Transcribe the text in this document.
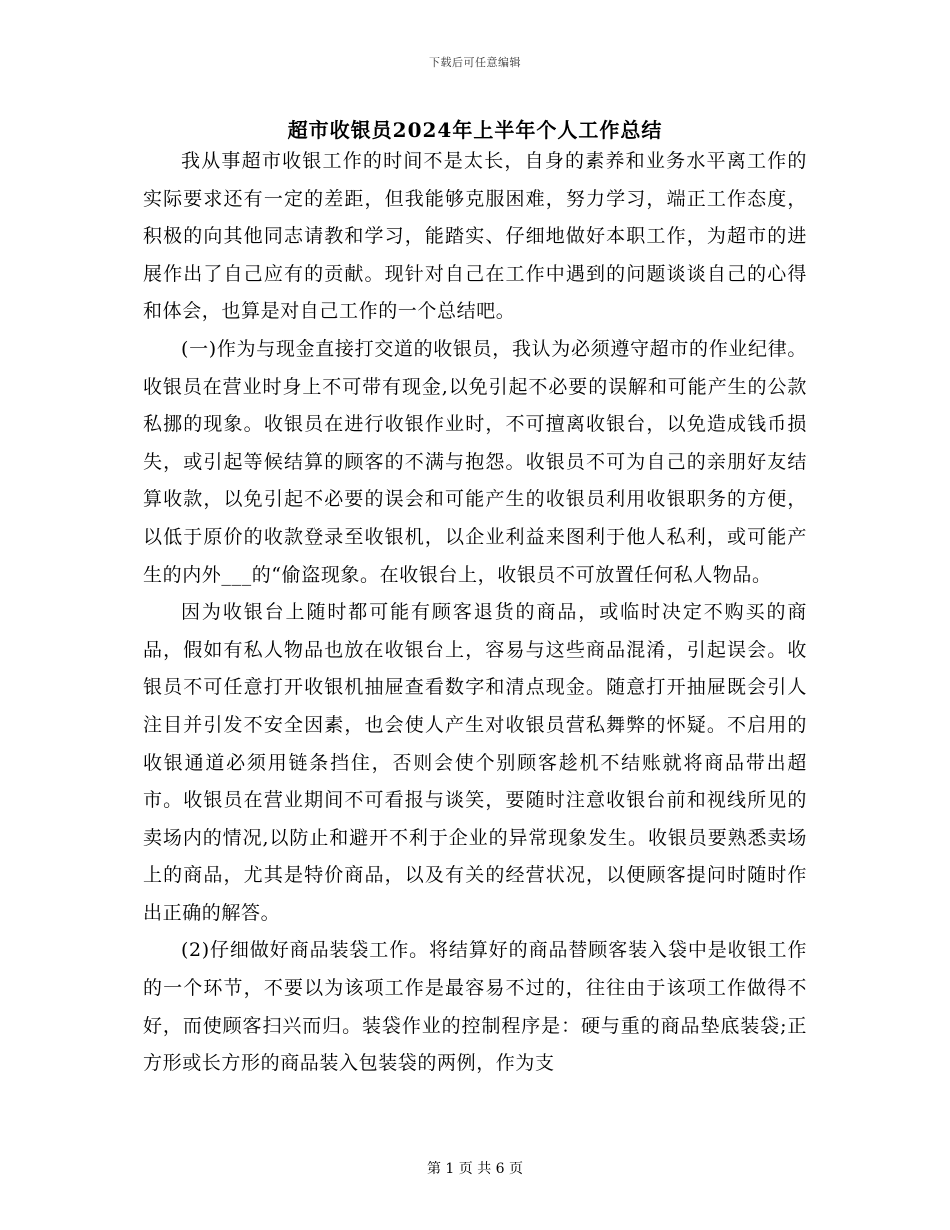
下载后可任意编辑
超市收银员2024年上半年个人工作总结

我从事超市收银工作的时间不是太长，自身的素养和业务水平离工作的实际要求还有一定的差距，但我能够克服困难，努力学习，端正工作态度，积极的向其他同志请教和学习，能踏实、仔细地做好本职工作，为超市的进展作出了自己应有的贡献。现针对自己在工作中遇到的问题谈谈自己的心得和体会，也算是对自己工作的一个总结吧。

(一)作为与现金直接打交道的收银员，我认为必须遵守超市的作业纪律。收银员在营业时身上不可带有现金,以免引起不必要的误解和可能产生的公款私挪的现象。收银员在进行收银作业时，不可擅离收银台，以免造成钱币损失，或引起等候结算的顾客的不满与抱怨。收银员不可为自己的亲朋好友结算收款，以免引起不必要的误会和可能产生的收银员利用收银职务的方便，以低于原价的收款登录至收银机，以企业利益来图利于他人私利，或可能产生的内外___的“偷盗现象。在收银台上，收银员不可放置任何私人物品。

因为收银台上随时都可能有顾客退货的商品，或临时决定不购买的商品，假如有私人物品也放在收银台上，容易与这些商品混淆，引起误会。收银员不可任意打开收银机抽屉查看数字和清点现金。随意打开抽屉既会引人注目并引发不安全因素，也会使人产生对收银员营私舞弊的怀疑。不启用的收银通道必须用链条挡住，否则会使个别顾客趁机不结账就将商品带出超市。收银员在营业期间不可看报与谈笑，要随时注意收银台前和视线所见的卖场内的情况,以防止和避开不利于企业的异常现象发生。收银员要熟悉卖场上的商品，尤其是特价商品，以及有关的经营状况，以便顾客提问时随时作出正确的解答。

(2)仔细做好商品装袋工作。将结算好的商品替顾客装入袋中是收银工作的一个环节，不要以为该项工作是最容易不过的，往往由于该项工作做得不好，而使顾客扫兴而归。装袋作业的控制程序是：硬与重的商品垫底装袋;正方形或长方形的商品装入包装袋的两例，作为支

第 1 页 共 6 页
